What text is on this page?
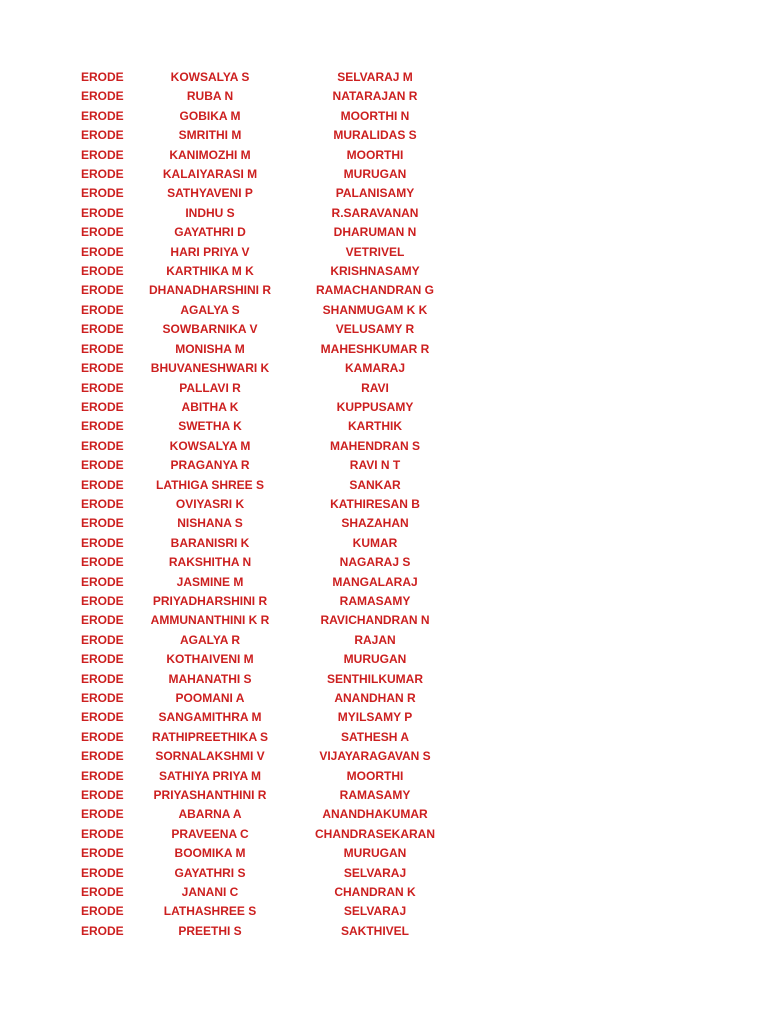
ERODE	KOWSALYA S	SELVARAJ M
ERODE	RUBA N	NATARAJAN R
ERODE	GOBIKA M	MOORTHI N
ERODE	SMRITHI M	MURALIDAS S
ERODE	KANIMOZHI M	MOORTHI
ERODE	KALAIYARASI M	MURUGAN
ERODE	SATHYAVENI P	PALANISAMY
ERODE	INDHU S	R.SARAVANAN
ERODE	GAYATHRI D	DHARUMAN N
ERODE	HARI PRIYA V	VETRIVEL
ERODE	KARTHIKA M K	KRISHNASAMY
ERODE DHANADHARSHINI R	RAMACHANDRAN G
ERODE	AGALYA S	SHANMUGAM K K
ERODE	SOWBARNIKA V	VELUSAMY R
ERODE	MONISHA M	MAHESHKUMAR R
ERODE BHUVANESHWARI K	KAMARAJ
ERODE	PALLAVI R	RAVI
ERODE	ABITHA K	KUPPUSAMY
ERODE	SWETHA K	KARTHIK
ERODE	KOWSALYA M	MAHENDRAN S
ERODE	PRAGANYA R	RAVI N T
ERODE	LATHIGA SHREE S	SANKAR
ERODE	OVIYASRI K	KATHIRESAN B
ERODE	NISHANA S	SHAZAHAN
ERODE	BARANISRI K	KUMAR
ERODE	RAKSHITHA N	NAGARAJ S
ERODE	JASMINE M	MANGALARAJ
ERODE PRIYADHARSHINI R	RAMASAMY
ERODE AMMUNANTHINI K R	RAVICHANDRAN N
ERODE	AGALYA R	RAJAN
ERODE	KOTHAIVENI M	MURUGAN
ERODE	MAHANATHI S	SENTHILKUMAR
ERODE	POOMANI A	ANANDHAN R
ERODE	SANGAMITHRA M	MYILSAMY P
ERODE RATHIPREETHIKA S	SATHESH A
ERODE	SORNALAKSHMI V	VIJAYARAGAVAN S
ERODE	SATHIYA PRIYA M	MOORTHI
ERODE PRIYASHANTHINI R	RAMASAMY
ERODE	ABARNA A	ANANDHAKUMAR
ERODE	PRAVEENA C	CHANDRASEKARAN
ERODE	BOOMIKA M	MURUGAN
ERODE	GAYATHRI S	SELVARAJ
ERODE	JANANI C	CHANDRAN K
ERODE	LATHASHREE S	SELVARAJ
ERODE	PREETHI S	SAKTHIVEL
